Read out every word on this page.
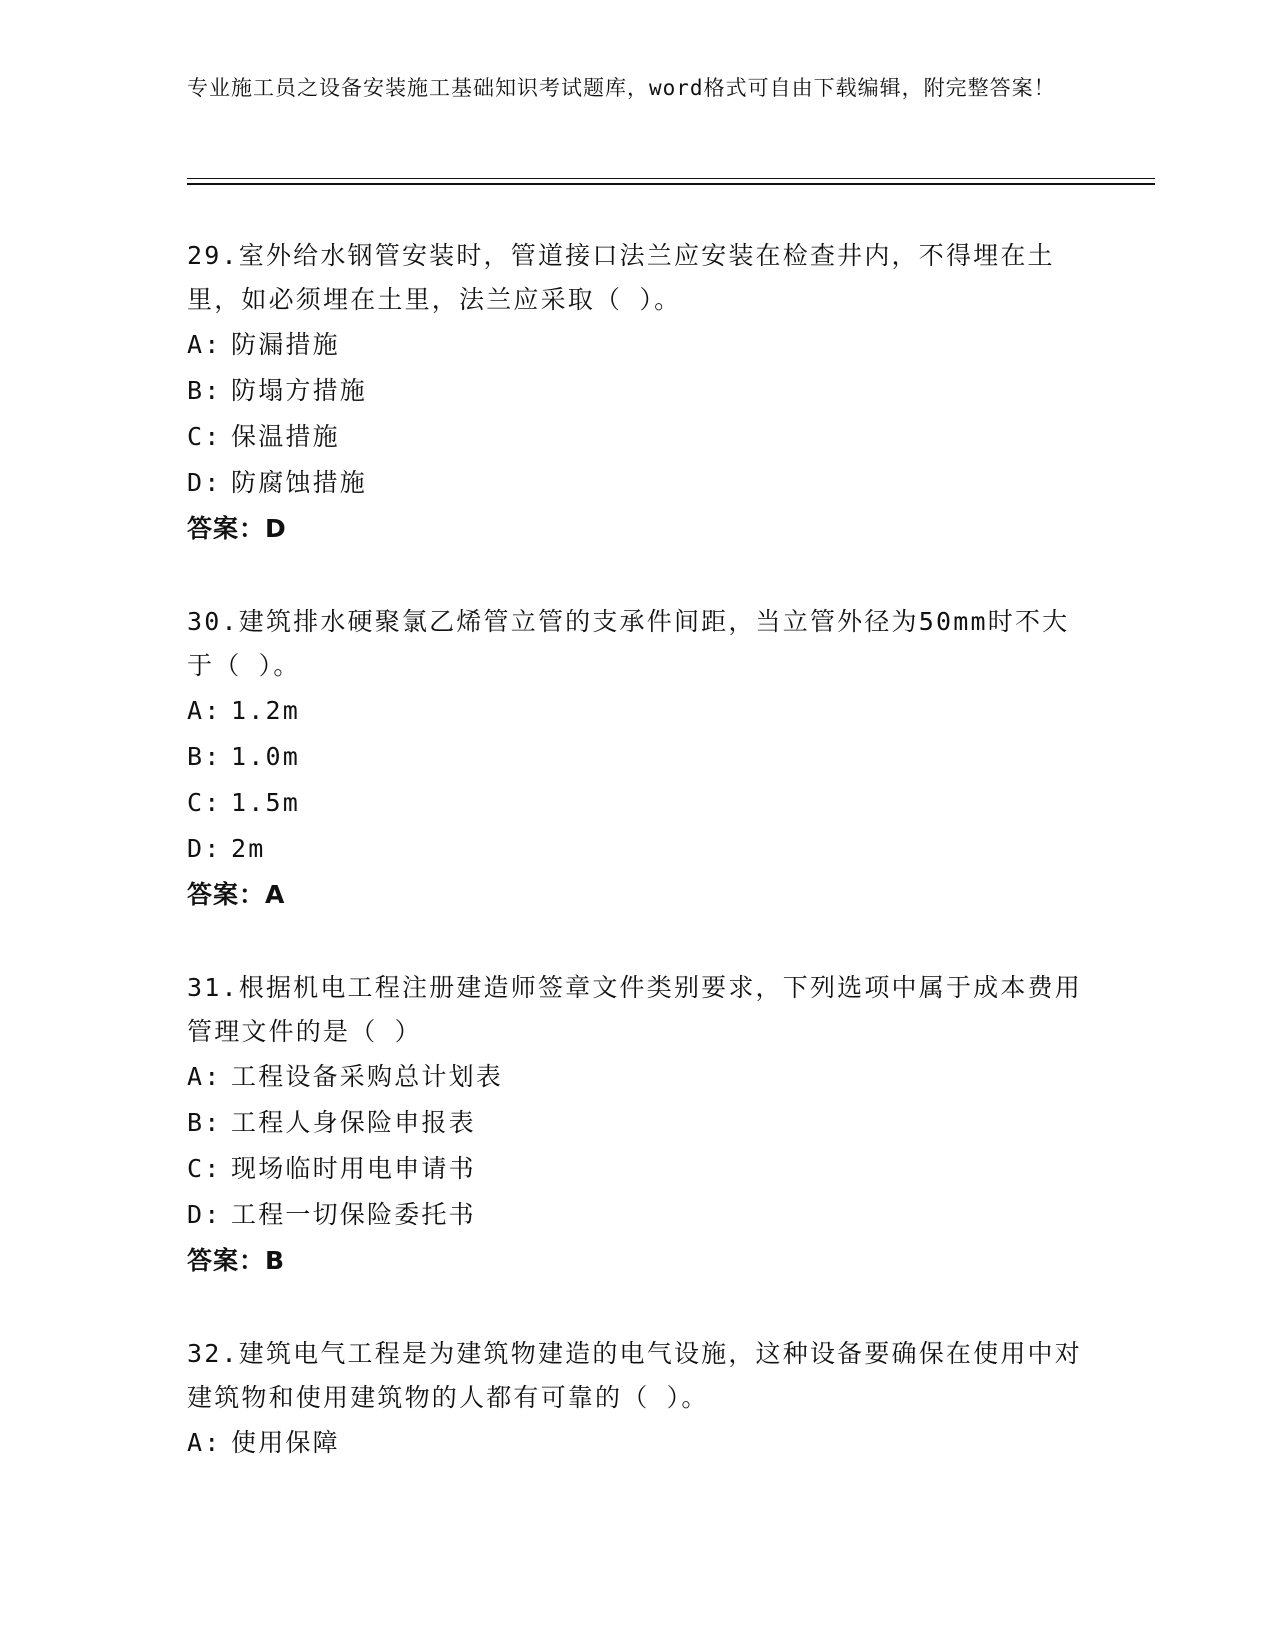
专业施工员之设备安装施工基础知识考试题库，word格式可自由下载编辑，附完整答案！

29.室外给水钢管安装时，管道接口法兰应安装在检查井内，不得埋在土里，如必须埋在土里，法兰应采取（ ）。

A: 防漏措施

B: 防塌方措施

C: 保温措施

D: 防腐蚀措施

答案：D

30.建筑排水硬聚氯乙烯管立管的支承件间距，当立管外径为50mm时不大于（ ）。

A: 1.2m

B: 1.0m

C: 1.5m

D: 2m

答案：A

31.根据机电工程注册建造师签章文件类别要求，下列选项中属于成本费用管理文件的是（ ）

A: 工程设备采购总计划表

B: 工程人身保险申报表

C: 现场临时用电申请书

D: 工程一切保险委托书

答案：B

32.建筑电气工程是为建筑物建造的电气设施，这种设备要确保在使用中对建筑物和使用建筑物的人都有可靠的（ ）。

A: 使用保障
